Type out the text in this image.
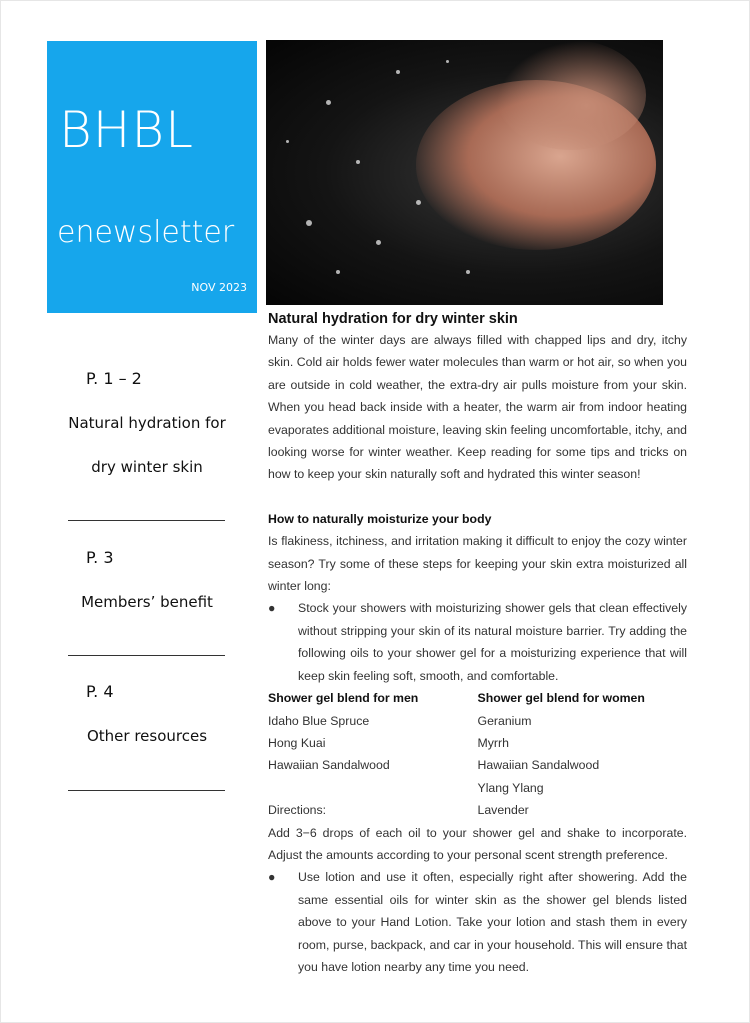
BHBL
enewsletter
NOV 2023
P. 1 – 2
Natural hydration for
dry winter skin
P. 3
Members’ benefit
P. 4
Other resources
Natural hydration for dry winter skin

Many of the winter days are always filled with chapped lips and dry, itchy skin. Cold air holds fewer water molecules than warm or hot air, so when you are outside in cold weather, the extra-dry air pulls moisture from your skin. When you head back inside with a heater, the warm air from indoor heating evaporates additional moisture, leaving skin feeling uncomfortable, itchy, and looking worse for winter weather. Keep reading for some tips and tricks on how to keep your skin naturally soft and hydrated this winter season!

How to naturally moisturize your body

Is flakiness, itchiness, and irritation making it difficult to enjoy the cozy winter season? Try some of these steps for keeping your skin extra moisturized all winter long:

● Stock your showers with moisturizing shower gels that clean effectively without stripping your skin of its natural moisture barrier. Try adding the following oils to your shower gel for a moisturizing experience that will keep skin feeling soft, smooth, and comfortable.
Shower gel blend for men
Idaho Blue Spruce
Hong Kuai
Hawaiian Sandalwood
Directions:
Shower gel blend for women
Geranium
Myrrh
Hawaiian Sandalwood
Ylang Ylang
Lavender

Add 3−6 drops of each oil to your shower gel and shake to incorporate. Adjust the amounts according to your personal scent strength preference.

● Use lotion and use it often, especially right after showering. Add the same essential oils for winter skin as the shower gel blends listed above to your Hand Lotion. Take your lotion and stash them in every room, purse, backpack, and car in your household. This will ensure that you have lotion nearby any time you need.
